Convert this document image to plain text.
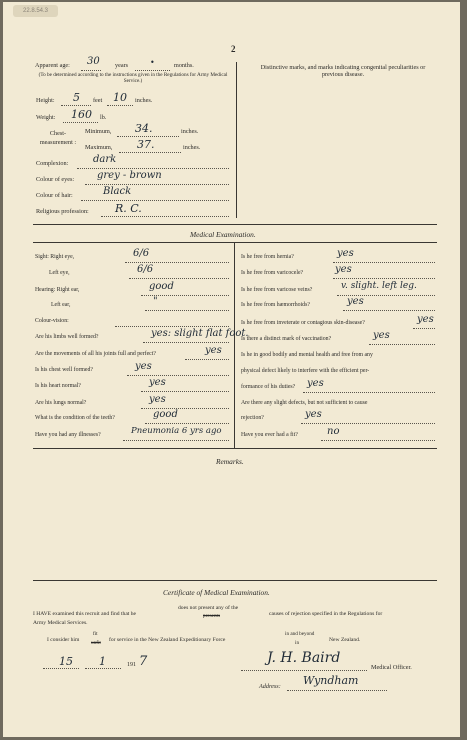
22.8.54.3
2
Apparent age: 30 years	•	months.
(To be determined according to the instructions given in the Regulations for Army Medical Service.)
Height: 5 feet 10 inches.
Weight: 160 lb.
Chest-measurement :
Minimum, 34.	inches.
Maximum, 37.	inches.
Complexion: dark
Colour of eyes: grey - brown
Colour of hair:	Black
Religious profession: R. C.
Distinctive marks, and marks indicating congenital peculiarities or previous disease.
Medical Examination.
Remarks.
Certificate of Medical Examination.
I HAVE examined this recruit and find that he
does not present any of the
presents	causes of rejection specified in the Regulations for
Army Medical Services.
I consider him
fit
unfit for service in the New Zealand Expeditionary Force
in and beyond
in	New Zealand.
15 1	191 7	J. H. Baird
Medical Officer.
Address: Wyndham
Sight: Right eye,	6/6
Left eye,	6/6
Hearing: Right ear,	good
Left ear,	"
Colour-vision:
Are his limbs well formed?	yes: slight flat foot.
Are the movements of all his joints full and perfect?	yes
Is his chest well formed?	yes
Is his heart normal?	yes
Are his lungs normal?	yes
What is the condition of the teeth?	good
Have you had any illnesses?	Pneumonia 6 yrs ago
Is he free from hernia?	yes
Is he free from varicocele?	yes
Is he free from varicose veins?	v. slight. left leg.
Is he free from hæmorrhoids?	yes
Is he free from inveterate or contagious skin-disease?	yes
Is there a distinct mark of vaccination?	yes
Is he in good bodily and mental health and free from any
physical defect likely to interfere with the efficient per-
formance of his duties? yes
Are there any slight defects, but not sufficient to cause
rejection?	yes
Have you ever had a fit?	no
